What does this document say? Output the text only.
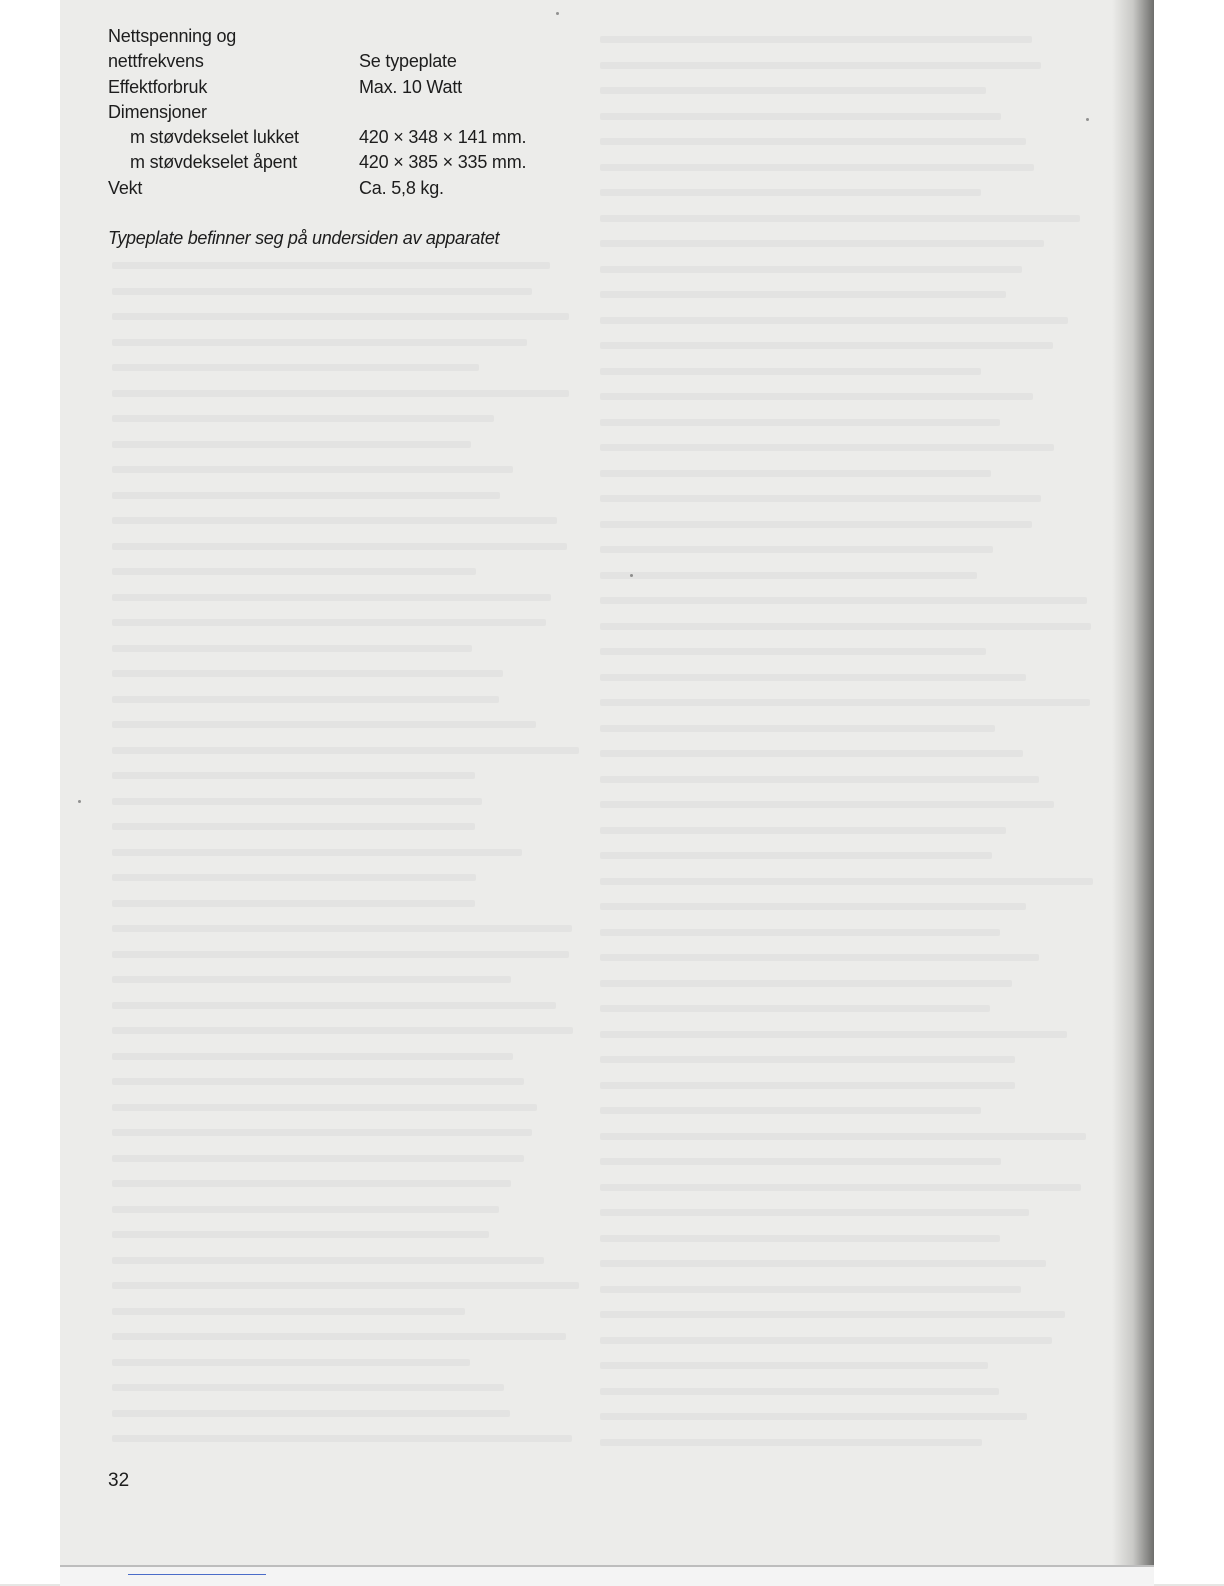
Nettspenning og
nettfrekvens	Se typeplate
Effektforbruk	Max. 10 Watt
Dimensjoner
m støvdekselet lukket	420 × 348 × 141 mm.
m støvdekselet åpent	420 × 385 × 335 mm.
Vekt	Ca. 5,8 kg.
Typeplate befinner seg på undersiden av apparatet
32
